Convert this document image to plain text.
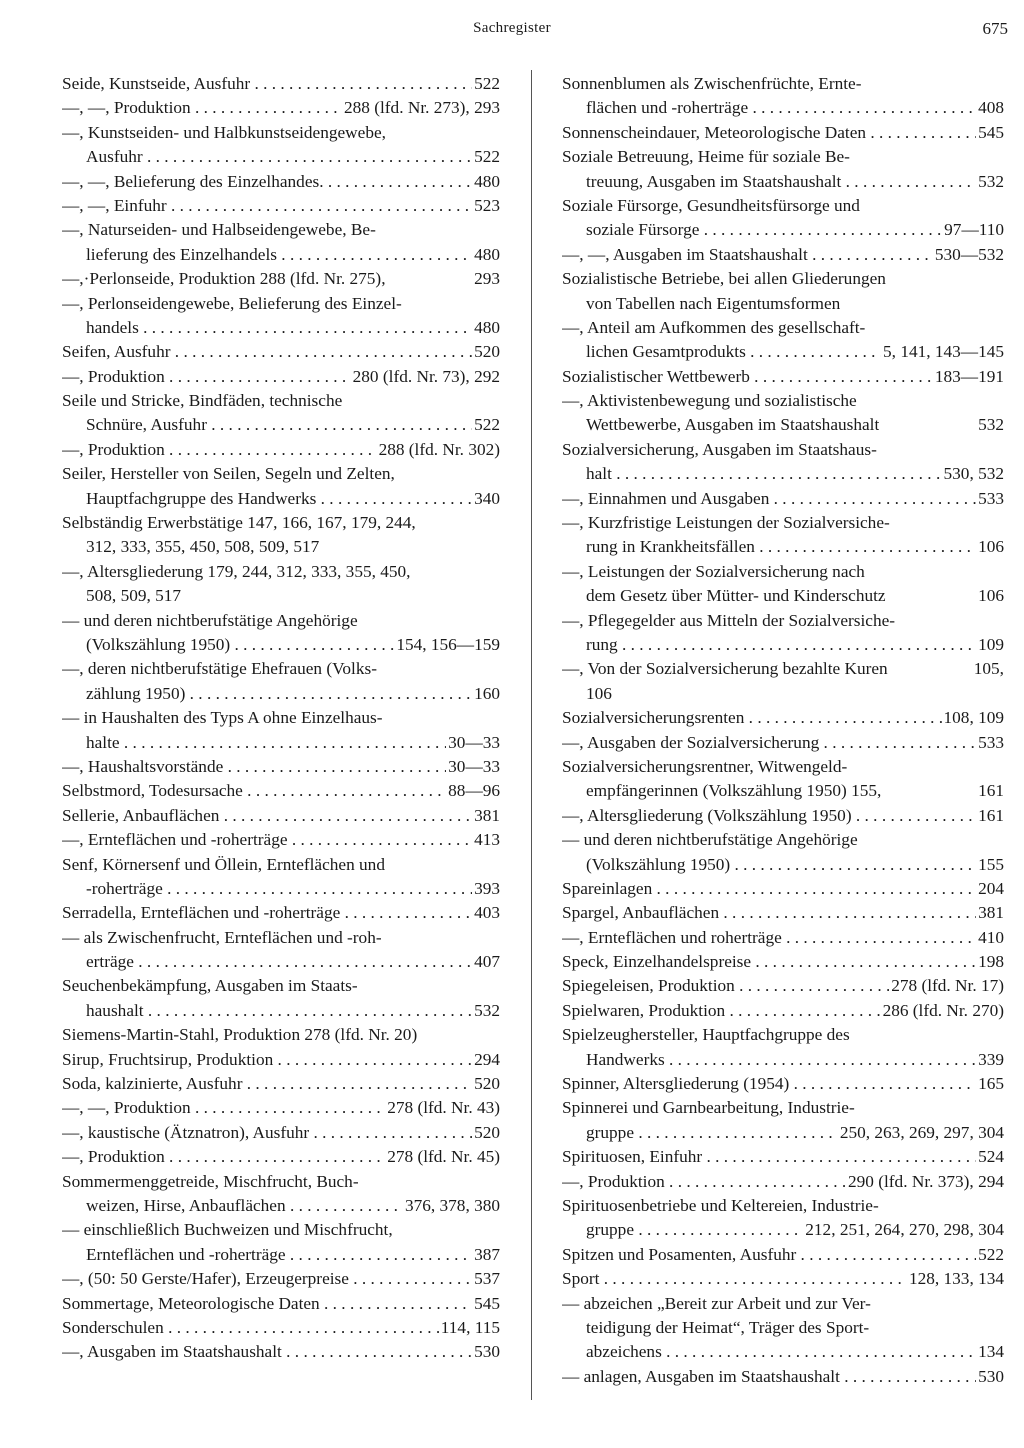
Sachregister	675
Seide, Kunstseide, Ausfuhr . . .	522
—, —, Produktion . . .	288 (lfd. Nr. 273), 293
—, Kunstseiden- und Halbkunstseidengewebe,
Ausfuhr . . .	522
—, —, Belieferung des Einzelhandes. . . .	480
—, —, Einfuhr . . .	523
—, Naturseiden- und Halbseidengewebe, Be-
lieferung des Einzelhandels . . .	480
—,·Perlonseide, Produktion 288 (lfd. Nr. 275),	293
—, Perlonseidengewebe, Belieferung des Einzel-
handels . . .	480
Seifen, Ausfuhr . . .	520
—, Produktion . . .	280 (lfd. Nr. 73), 292
Seile und Stricke, Bindfäden, technische
Schnüre, Ausfuhr . . .	522
—, Produktion . . .	288 (lfd. Nr. 302)
Seiler, Hersteller von Seilen, Segeln und Zelten,
Hauptfachgruppe des Handwerks . . .	340
Selbständig Erwerbstätige 147, 166, 167, 179, 244,
312, 333, 355, 450, 508, 509, 517
—, Altersgliederung 179, 244, 312, 333, 355, 450,
508, 509, 517
— und deren nichtberufstätige Angehörige
(Volkszählung 1950) . . .	154, 156—159
—, deren nichtberufstätige Ehefrauen (Volks-
zählung 1950) . . .	160
— in Haushalten des Typs A ohne Einzelhaus-
halte . . .	30—33
—, Haushaltsvorstände . . .	30—33
Selbstmord, Todesursache . . .	88—96
Sellerie, Anbauflächen . . .	381
—, Ernteflächen und -roherträge . . .	413
Senf, Körnersenf und Öllein, Ernteflächen und
-roherträge . . .	393
Serradella, Ernteflächen und -roherträge . . .	403
— als Zwischenfrucht, Ernteflächen und -roh-
erträge . . .	407
Seuchenbekämpfung, Ausgaben im Staats-
haushalt . . .	532
Siemens-Martin-Stahl, Produktion 278 (lfd. Nr. 20)
Sirup, Fruchtsirup, Produktion . . .	294
Soda, kalzinierte, Ausfuhr . . .	520
—, —, Produktion . . .	278 (lfd. Nr. 43)
—, kaustische (Ätznatron), Ausfuhr . . .	520
—, Produktion . . .	278 (lfd. Nr. 45)
Sommermenggetreide, Mischfrucht, Buch-
weizen, Hirse, Anbauflächen . . .	376, 378, 380
— einschließlich Buchweizen und Mischfrucht,
Ernteflächen und -roherträge . . .	387
—, (50: 50 Gerste/Hafer), Erzeugerpreise . . .	537
Sommertage, Meteorologische Daten . . .	545
Sonderschulen . . .	114, 115
—, Ausgaben im Staatshaushalt . . .	530
Sonnenblumen als Zwischenfrüchte, Ernte-
flächen und -roherträge . . .	408
Sonnenscheindauer, Meteorologische Daten . . .	545
Soziale Betreuung, Heime für soziale Be-
treuung, Ausgaben im Staatshaushalt . . .	532
Soziale Fürsorge, Gesundheitsfürsorge und
soziale Fürsorge . . .	97—110
—, —, Ausgaben im Staatshaushalt . . .	530—532
Sozialistische Betriebe, bei allen Gliederungen
von Tabellen nach Eigentumsformen
—, Anteil am Aufkommen des gesellschaft-
lichen Gesamtprodukts . . .	5, 141, 143—145
Sozialistischer Wettbewerb . . .	183—191
—, Aktivistenbewegung und sozialistische
Wettbewerbe, Ausgaben im Staatshaushalt	532
Sozialversicherung, Ausgaben im Staatshaus-
halt . . .	530, 532
—, Einnahmen und Ausgaben . . .	533
—, Kurzfristige Leistungen der Sozialversiche-
rung in Krankheitsfällen . . .	106
—, Leistungen der Sozialversicherung nach
dem Gesetz über Mütter- und Kinderschutz	106
—, Pflegegelder aus Mitteln der Sozialversiche-
rung . . .	109
—, Von der Sozialversicherung bezahlte Kuren	105,
106
Sozialversicherungsrenten . . .	108, 109
—, Ausgaben der Sozialversicherung . . .	533
Sozialversicherungsrentner, Witwengeld-
empfängerinnen (Volkszählung 1950) 155,	161
—, Altersgliederung (Volkszählung 1950) . . .	161
— und deren nichtberufstätige Angehörige
(Volkszählung 1950) . . .	155
Spareinlagen . . .	204
Spargel, Anbauflächen . . .	381
—, Ernteflächen und roherträge . . .	410
Speck, Einzelhandelspreise . . .	198
Spiegeleisen, Produktion . . .	278 (lfd. Nr. 17)
Spielwaren, Produktion . . .	286 (lfd. Nr. 270)
Spielzeughersteller, Hauptfachgruppe des
Handwerks . . .	339
Spinner, Altersgliederung (1954) . . .	165
Spinnerei und Garnbearbeitung, Industrie-
gruppe . . .	250, 263, 269, 297, 304
Spirituosen, Einfuhr . . .	524
—, Produktion . . .	290 (lfd. Nr. 373), 294
Spirituosenbetriebe und Keltereien, Industrie-
gruppe . . .	212, 251, 264, 270, 298, 304
Spitzen und Posamenten, Ausfuhr . . .	522
Sport . . .	128, 133, 134
— abzeichen „Bereit zur Arbeit und zur Ver-
teidigung der Heimat“, Träger des Sport-
abzeichens . . .	134
— anlagen, Ausgaben im Staatshaushalt . . .	530
